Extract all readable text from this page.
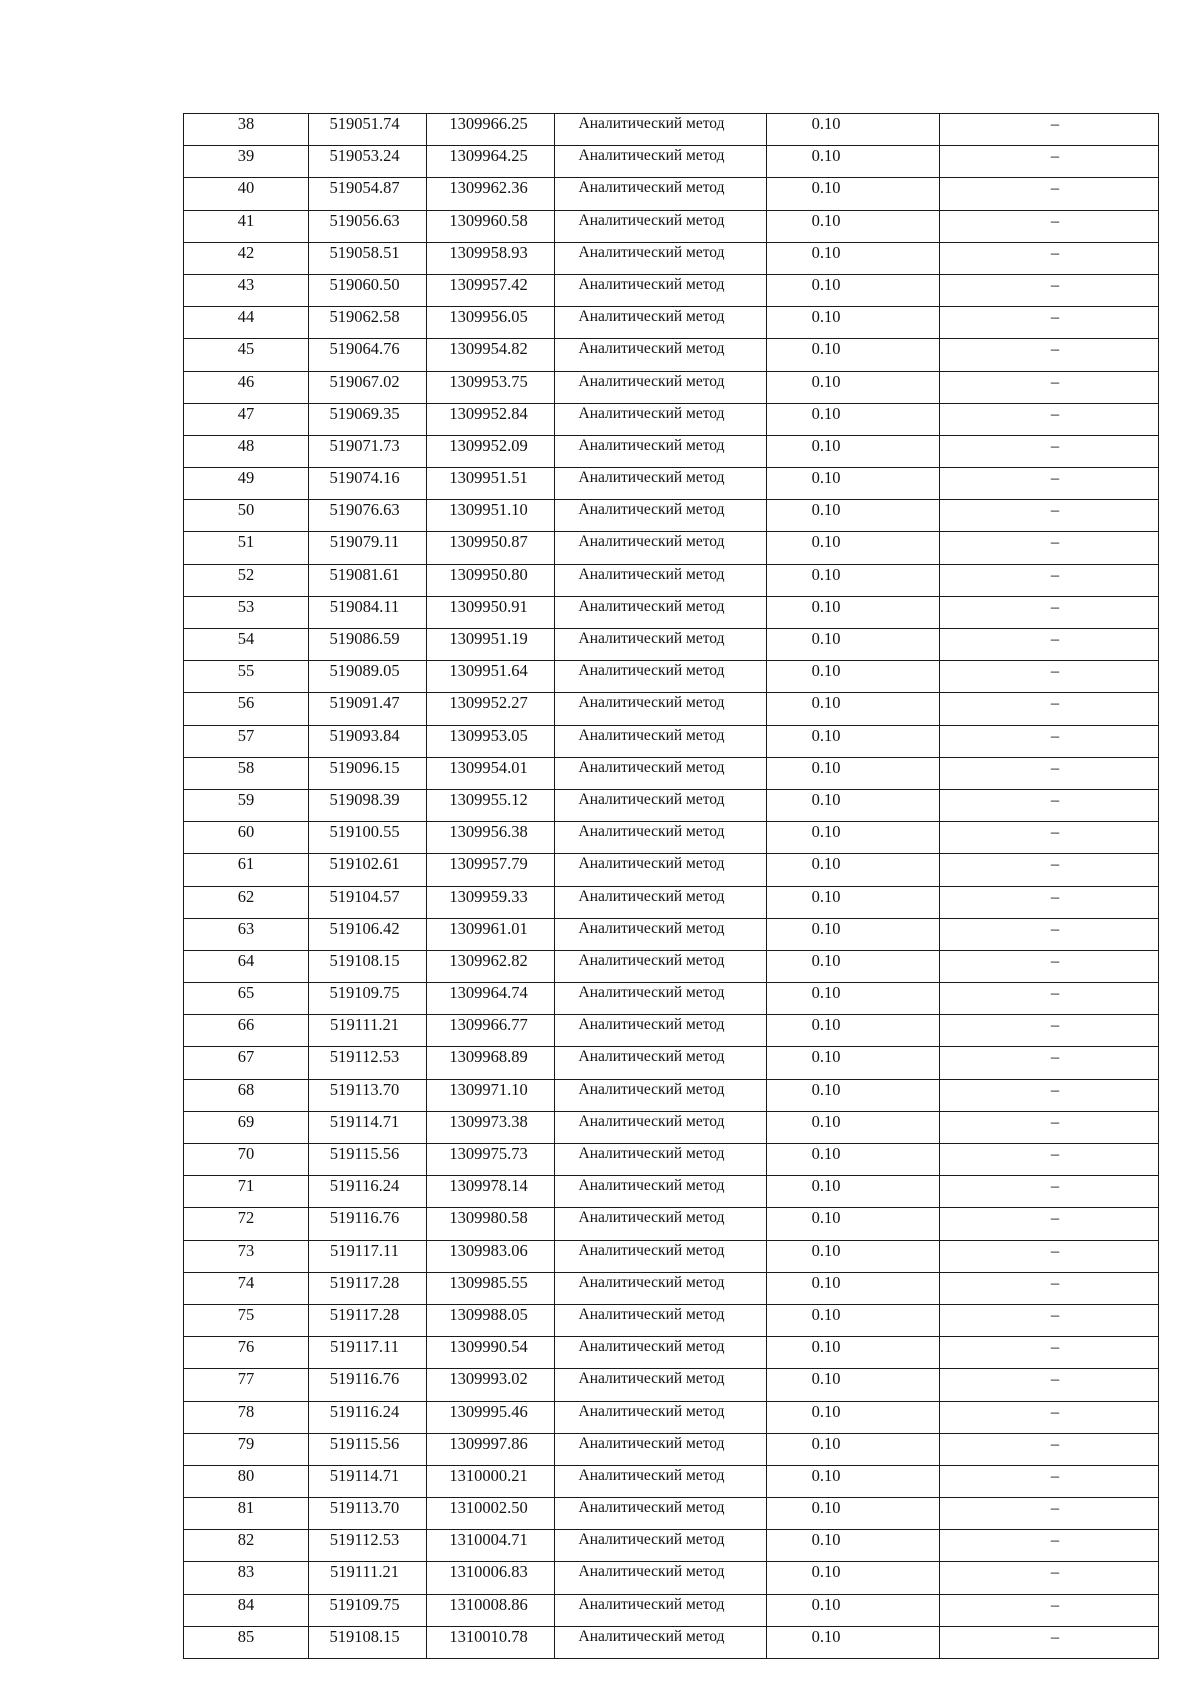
38	519051.74	1309966.25	Аналитический метод	0.10	–
39	519053.24	1309964.25	Аналитический метод	0.10	–
40	519054.87	1309962.36	Аналитический метод	0.10	–
41	519056.63	1309960.58	Аналитический метод	0.10	–
42	519058.51	1309958.93	Аналитический метод	0.10	–
43	519060.50	1309957.42	Аналитический метод	0.10	–
44	519062.58	1309956.05	Аналитический метод	0.10	–
45	519064.76	1309954.82	Аналитический метод	0.10	–
46	519067.02	1309953.75	Аналитический метод	0.10	–
47	519069.35	1309952.84	Аналитический метод	0.10	–
48	519071.73	1309952.09	Аналитический метод	0.10	–
49	519074.16	1309951.51	Аналитический метод	0.10	–
50	519076.63	1309951.10	Аналитический метод	0.10	–
51	519079.11	1309950.87	Аналитический метод	0.10	–
52	519081.61	1309950.80	Аналитический метод	0.10	–
53	519084.11	1309950.91	Аналитический метод	0.10	–
54	519086.59	1309951.19	Аналитический метод	0.10	–
55	519089.05	1309951.64	Аналитический метод	0.10	–
56	519091.47	1309952.27	Аналитический метод	0.10	–
57	519093.84	1309953.05	Аналитический метод	0.10	–
58	519096.15	1309954.01	Аналитический метод	0.10	–
59	519098.39	1309955.12	Аналитический метод	0.10	–
60	519100.55	1309956.38	Аналитический метод	0.10	–
61	519102.61	1309957.79	Аналитический метод	0.10	–
62	519104.57	1309959.33	Аналитический метод	0.10	–
63	519106.42	1309961.01	Аналитический метод	0.10	–
64	519108.15	1309962.82	Аналитический метод	0.10	–
65	519109.75	1309964.74	Аналитический метод	0.10	–
66	519111.21	1309966.77	Аналитический метод	0.10	–
67	519112.53	1309968.89	Аналитический метод	0.10	–
68	519113.70	1309971.10	Аналитический метод	0.10	–
69	519114.71	1309973.38	Аналитический метод	0.10	–
70	519115.56	1309975.73	Аналитический метод	0.10	–
71	519116.24	1309978.14	Аналитический метод	0.10	–
72	519116.76	1309980.58	Аналитический метод	0.10	–
73	519117.11	1309983.06	Аналитический метод	0.10	–
74	519117.28	1309985.55	Аналитический метод	0.10	–
75	519117.28	1309988.05	Аналитический метод	0.10	–
76	519117.11	1309990.54	Аналитический метод	0.10	–
77	519116.76	1309993.02	Аналитический метод	0.10	–
78	519116.24	1309995.46	Аналитический метод	0.10	–
79	519115.56	1309997.86	Аналитический метод	0.10	–
80	519114.71	1310000.21	Аналитический метод	0.10	–
81	519113.70	1310002.50	Аналитический метод	0.10	–
82	519112.53	1310004.71	Аналитический метод	0.10	–
83	519111.21	1310006.83	Аналитический метод	0.10	–
84	519109.75	1310008.86	Аналитический метод	0.10	–
85	519108.15	1310010.78	Аналитический метод	0.10	–
